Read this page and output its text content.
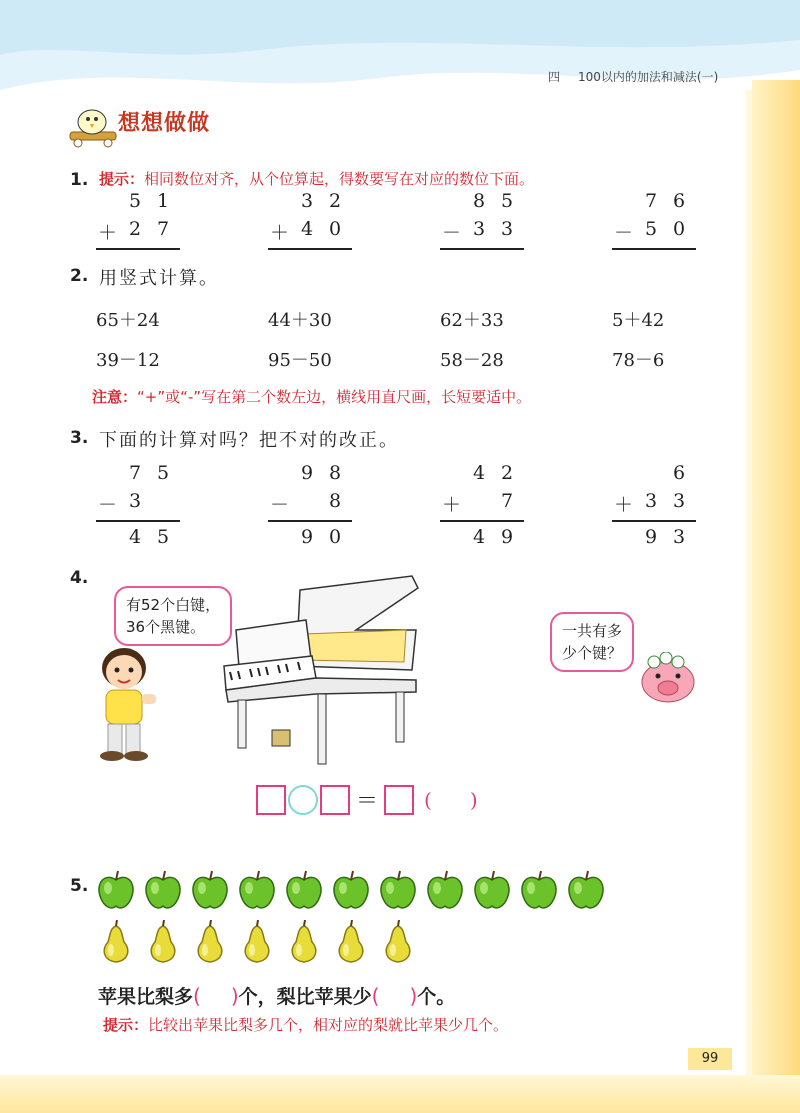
四 100以内的加法和减法(一)
想想做做
1. 提示：相同数位对齐，从个位算起，得数要写在对应的数位下面。
5 1
＋ 2 7
3 2
＋ 4 0
8 5
－ 3 3
7 6
－ 5 0
2. 用竖式计算。
65＋24	44＋30	62＋33	5＋42
39－12	95－50	58－28	78－6
注意：“+”或“-”写在第二个数左边，横线用直尺画，长短要适中。
3. 下面的计算对吗？把不对的改正。
7 5
－ 3
4 5
9 8
－ 8
9 0
4 2
＋ 7
4 9
6
＋ 3 3
9 3
4.
有52个白键，
36个黑键。	一共有多
少个键？
＝ ( )
5.
苹果比梨多( )个，梨比苹果少( )个。
提示：比较出苹果比梨多几个，相对应的梨就比苹果少几个。
99
